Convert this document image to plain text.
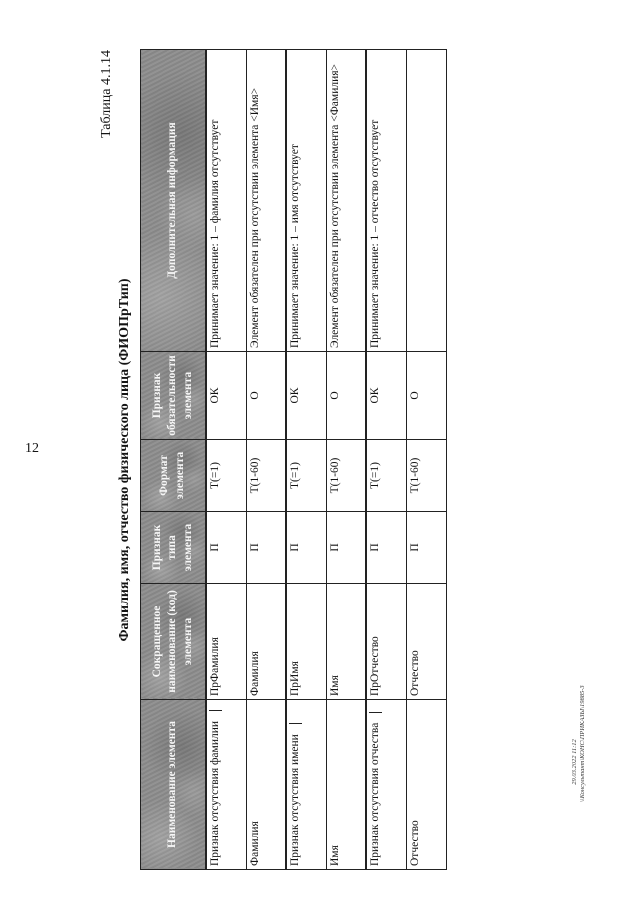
12
29.03.2022 11:12 \\Консультант\КОНС\ПРИКАЗЫ\19885-3
Таблица 4.1.14
Фамилия, имя, отчество физического лица (ФИОПрТип)
Наименование элемента	Сокращенное наименование (код) элемента	Признак типа элемента	Формат элемента	Признак обязательности элемента	Дополнительная информация
Признак отсутствия фамилии	ПрФамилия	П	T(=1)	ОК	Принимает значение: 1 – фамилия отсутствует
Фамилия	Фамилия	П	T(1-60)	О	Элемент обязателен при отсутствии элемента <Имя>
Признак отсутствия имени	ПрИмя	П	T(=1)	ОК	Принимает значение: 1 – имя отсутствует
Имя	Имя	П	T(1-60)	О	Элемент обязателен при отсутствии элемента <Фамилия>
Признак отсутствия отчества	ПрОтчество	П	T(=1)	ОК	Принимает значение: 1 – отчество отсутствует
Отчество	Отчество	П	T(1-60)	О	
